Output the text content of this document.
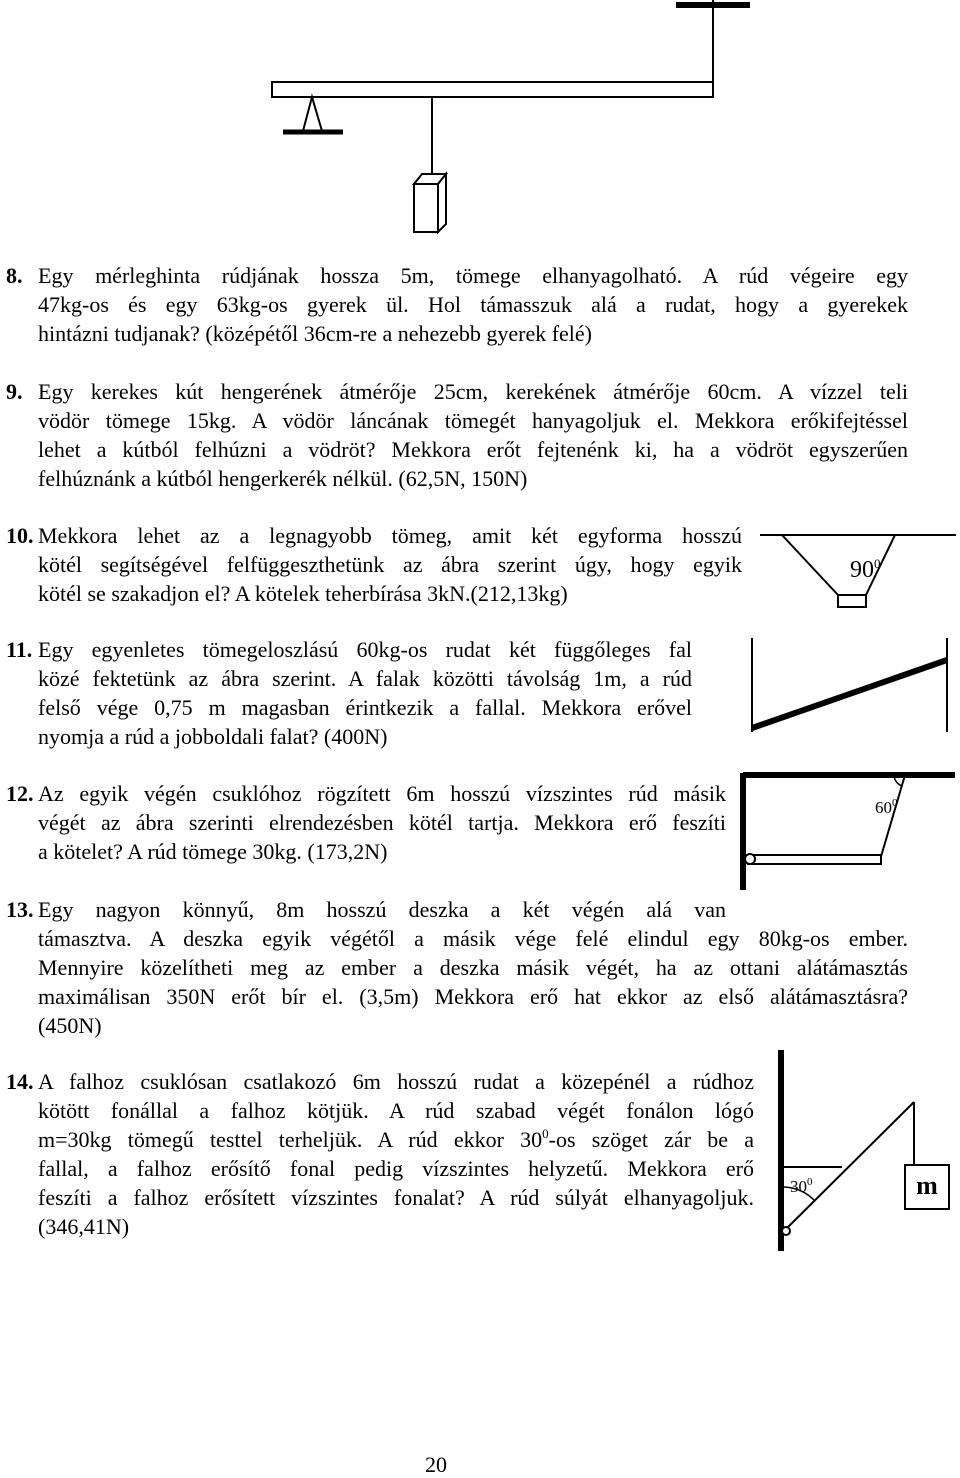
8. Egy mérleghinta rúdjának hossza 5m, tömege elhanyagolható. A rúd végeire egy
47kg-os és egy 63kg-os gyerek ül. Hol támasszuk alá a rudat, hogy a gyerekek
hintázni tudjanak? (középétől 36cm-re a nehezebb gyerek felé)
9. Egy kerekes kút hengerének átmérője 25cm, kerekének átmérője 60cm. A vízzel teli
vödör tömege 15kg. A vödör láncának tömegét hanyagoljuk el. Mekkora erőkifejtéssel
lehet a kútból felhúzni a vödröt? Mekkora erőt fejtenénk ki, ha a vödröt egyszerűen
felhúznánk a kútból hengerkerék nélkül. (62,5N, 150N)
10. Mekkora lehet az a legnagyobb tömeg, amit két egyforma hosszú
kötél segítségével felfüggeszthetünk az ábra szerint úgy, hogy egyik
kötél se szakadjon el? A kötelek teherbírása 3kN.(212,13kg)
$90^0$
11. Egy egyenletes tömegeloszlású 60kg-os rudat két függőleges fal
közé fektetünk az ábra szerint. A falak közötti távolság 1m, a rúd
felső vége 0,75 m magasban érintkezik a fallal. Mekkora erővel
nyomja a rúd a jobboldali falat? (400N)
12. Az egyik végén csuklóhoz rögzített 6m hosszú vízszintes rúd másik
végét az ábra szerinti elrendezésben kötél tartja. Mekkora erő feszíti
a kötelet? A rúd tömege 30kg. (173,2N)
$60^0$
13. Egy nagyon könnyű, 8m hosszú deszka a két végén alá van
támasztva. A deszka egyik végétől a másik vége felé elindul egy 80kg-os ember.
Mennyire közelítheti meg az ember a deszka másik végét, ha az ottani alátámasztás
maximálisan 350N erőt bír el. (3,5m) Mekkora erő hat ekkor az első alátámasztásra?
(450N)
14. A falhoz csuklósan csatlakozó 6m hosszú rudat a közepénél a rúdhoz
kötött fonállal a falhoz kötjük. A rúd szabad végét fonálon lógó
m=30kg tömegű testtel terheljük. A rúd ekkor $30^0-os$ szöget zár be a
fallal, a falhoz erősítő fonal pedig vízszintes helyzetű. Mekkora erő
feszíti a falhoz erősített vízszintes fonalat? A rúd súlyát elhanyagoljuk.
(346,41N)
$30^0$	m
20
